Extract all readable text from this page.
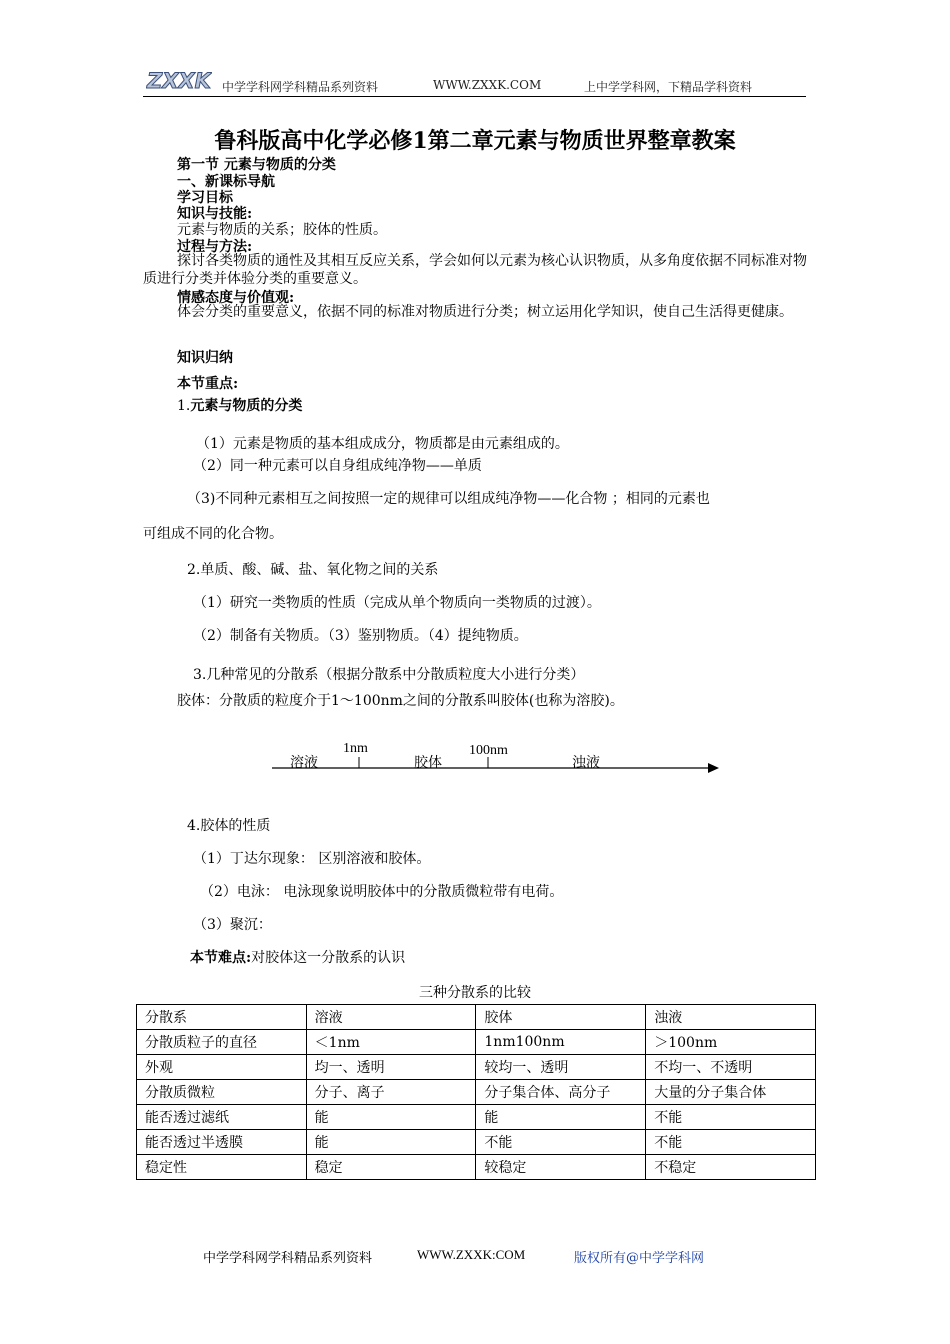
ZXXK 中学学科网学科精品系列资料	WWW.ZXXK.COM	上中学学科网，下精品学科资料
鲁科版高中化学必修1第二章元素与物质世界整章教案
第一节 元素与物质的分类
一、新课标导航
学习目标
知识与技能:
元素与物质的关系；胶体的性质。
过程与方法:
探讨各类物质的通性及其相互反应关系，学会如何以元素为核心认识物质，从多角度依据不同标准对物质进行分类并体验分类的重要意义。
情感态度与价值观:
体会分类的重要意义，依据不同的标准对物质进行分类；树立运用化学知识，使自己生活得更健康。
知识归纳
本节重点:
1.元素与物质的分类
（1）元素是物质的基本组成成分，物质都是由元素组成的。
（2）同一种元素可以自身组成纯净物——单质
（3)不同种元素相互之间按照一定的规律可以组成纯净物——化合物 ；相同的元素也
可组成不同的化合物。
2.单质、酸、碱、盐、氧化物之间的关系
（1）研究一类物质的性质（完成从单个物质向一类物质的过渡）。
（2）制备有关物质。（3）鉴别物质。（4）提纯物质。
3.几种常见的分散系（根据分散系中分散质粒度大小进行分类）
胶体：分散质的粒度介于1～100nm之间的分散系叫胶体(也称为溶胶)。
溶液
1nm
胶体
100nm
浊液
4.胶体的性质
（1）丁达尔现象： 区别溶液和胶体。
（2）电泳： 电泳现象说明胶体中的分散质微粒带有电荷。
（3）聚沉：
本节难点:对胶体这一分散系的认识
三种分散系的比较
分散系	溶液	胶体	浊液
分散质粒子的直径	＜1nm	1nm100nm	＞100nm
外观	均一、透明	较均一、透明	不均一、不透明
分散质微粒	分子、离子	分子集合体、高分子	大量的分子集合体
能否透过滤纸	能	能	不能
能否透过半透膜	能	不能	不能
稳定性	稳定	较稳定	不稳定
中学学科网学科精品系列资料	WWW.ZXXK:COM	版权所有@中学学科网
